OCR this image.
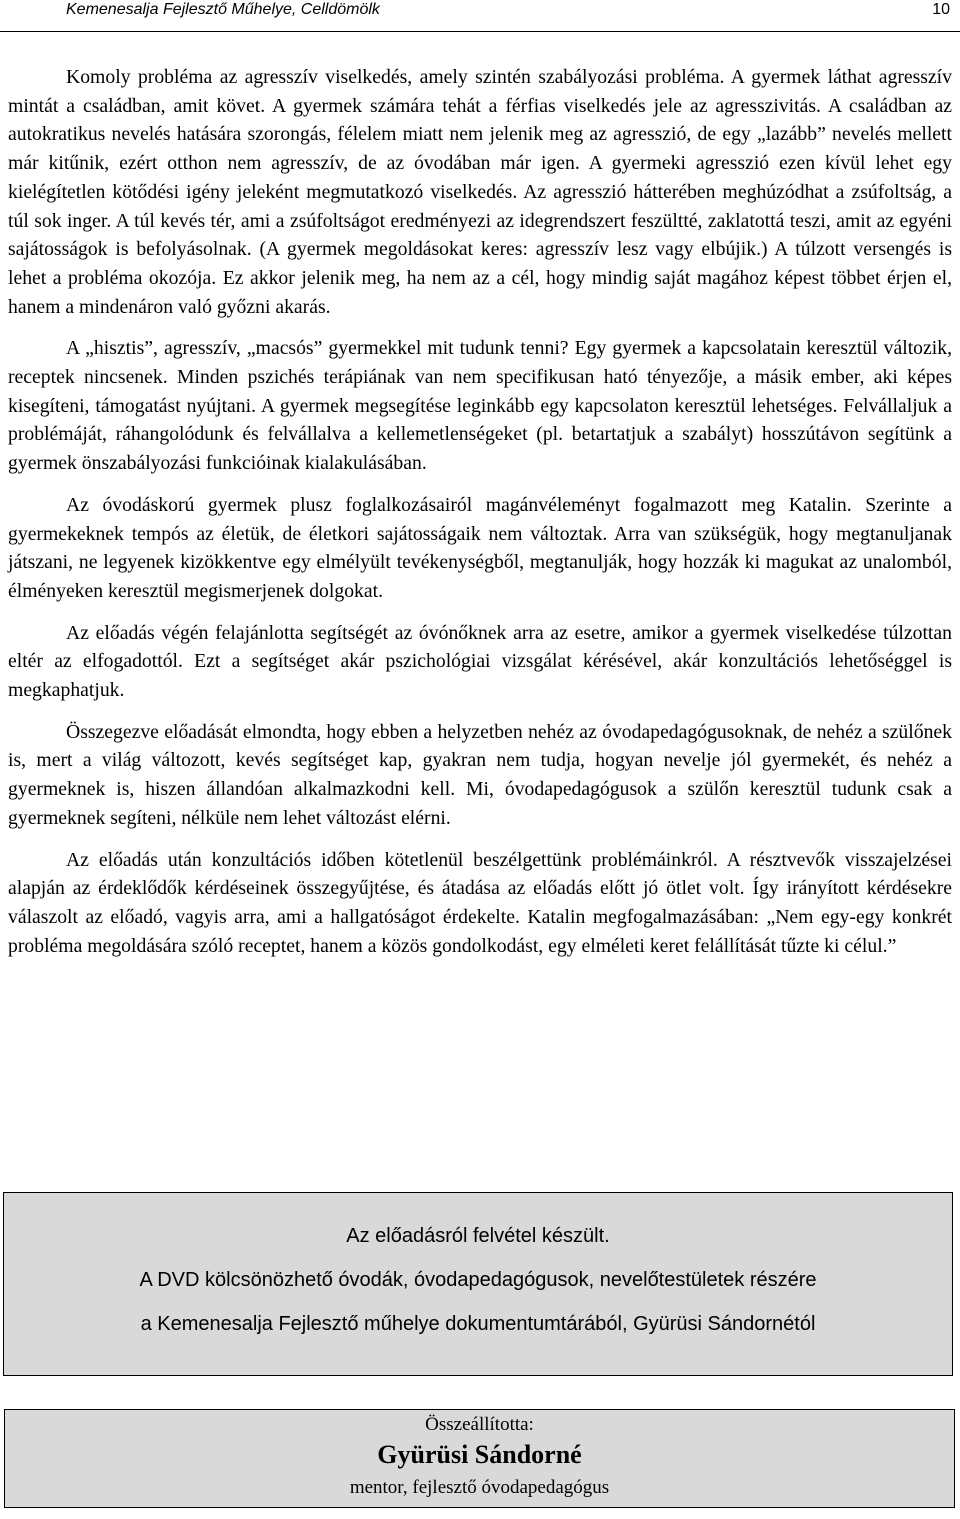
Kemenesalja Fejlesztő Műhelye, Celldömölk	10

Komoly probléma az agresszív viselkedés, amely szintén szabályozási probléma. A gyermek láthat agresszív mintát a családban, amit követ. A gyermek számára tehát a férfias viselkedés jele az agresszivitás. A családban az autokratikus nevelés hatására szorongás, félelem miatt nem jelenik meg az agresszió, de egy „lazább” nevelés mellett már kitűnik, ezért otthon nem agresszív, de az óvodában már igen. A gyermeki agresszió ezen kívül lehet egy kielégítetlen kötődési igény jeleként megmutatkozó viselkedés. Az agresszió hátterében meghúzódhat a zsúfoltság, a túl sok inger. A túl kevés tér, ami a zsúfoltságot eredményezi az idegrendszert feszültté, zaklatottá teszi, amit az egyéni sajátosságok is befolyásolnak. (A gyermek megoldásokat keres: agresszív lesz vagy elbújik.) A túlzott versengés is lehet a probléma okozója. Ez akkor jelenik meg, ha nem az a cél, hogy mindig saját magához képest többet érjen el, hanem a mindenáron való győzni akarás.

A „hisztis”, agresszív, „macsós” gyermekkel mit tudunk tenni? Egy gyermek a kapcsolatain keresztül változik, receptek nincsenek. Minden pszichés terápiának van nem specifikusan ható tényezője, a másik ember, aki képes kisegíteni, támogatást nyújtani. A gyermek megsegítése leginkább egy kapcsolaton keresztül lehetséges. Felvállaljuk a problémáját, ráhangolódunk és felvállalva a kellemetlenségeket (pl. betartatjuk a szabályt) hosszútávon segítünk a gyermek önszabályozási funkcióinak kialakulásában.

Az óvodáskorú gyermek plusz foglalkozásairól magánvéleményt fogalmazott meg Katalin. Szerinte a gyermekeknek tempós az életük, de életkori sajátosságaik nem változtak. Arra van szükségük, hogy megtanuljanak játszani, ne legyenek kizökkentve egy elmélyült tevékenységből, megtanulják, hogy hozzák ki magukat az unalomból, élményeken keresztül megismerjenek dolgokat.

Az előadás végén felajánlotta segítségét az óvónőknek arra az esetre, amikor a gyermek viselkedése túlzottan eltér az elfogadottól. Ezt a segítséget akár pszichológiai vizsgálat kérésével, akár konzultációs lehetőséggel is megkaphatjuk.

Összegezve előadását elmondta, hogy ebben a helyzetben nehéz az óvodapedagógusoknak, de nehéz a szülőnek is, mert a világ változott, kevés segítséget kap, gyakran nem tudja, hogyan nevelje jól gyermekét, és nehéz a gyermeknek is, hiszen állandóan alkalmazkodni kell. Mi, óvodapedagógusok a szülőn keresztül tudunk csak a gyermeknek segíteni, nélküle nem lehet változást elérni.

Az előadás után konzultációs időben kötetlenül beszélgettünk problémáinkról. A résztvevők visszajelzései alapján az érdeklődők kérdéseinek összegyűjtése, és átadása az előadás előtt jó ötlet volt. Így irányított kérdésekre válaszolt az előadó, vagyis arra, ami a hallgatóságot érdekelte. Katalin megfogalmazásában: „Nem egy-egy konkrét probléma megoldására szóló receptet, hanem a közös gondolkodást, egy elméleti keret felállítását tűzte ki célul.”

Az előadásról felvétel készült.
A DVD kölcsönözhető óvodák, óvodapedagógusok, nevelőtestületek részére
a Kemenesalja Fejlesztő műhelye dokumentumtárából, Gyürüsi Sándornétól
Összeállította:
Gyürüsi Sándorné
mentor, fejlesztő óvodapedagógus
